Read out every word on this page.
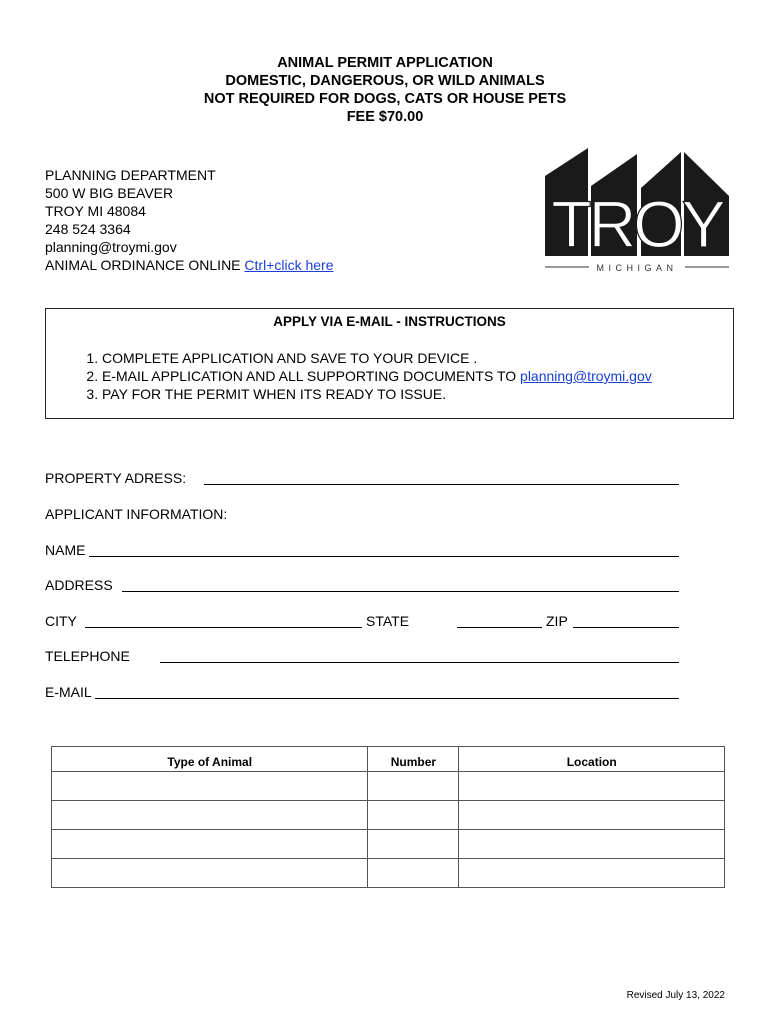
ANIMAL PERMIT APPLICATION
DOMESTIC, DANGEROUS, OR WILD ANIMALS
NOT REQUIRED FOR DOGS, CATS OR HOUSE PETS
FEE $70.00
PLANNING DEPARTMENT
500 W BIG BEAVER
TROY MI 48084
248 524 3364
planning@troymi.gov
ANIMAL ORDINANCE ONLINE Ctrl+click here
TROY
MICHIGAN
APPLY VIA E-MAIL - INSTRUCTIONS
1. COMPLETE APPLICATION AND SAVE TO YOUR DEVICE .
2. E-MAIL APPLICATION AND ALL SUPPORTING DOCUMENTS TO planning@troymi.gov
3. PAY FOR THE PERMIT WHEN ITS READY TO ISSUE.
PROPERTY ADRESS:
APPLICANT INFORMATION:
NAME
ADDRESS
CITY	STATE	ZIP
TELEPHONE
E-MAIL
Type of Animal	Number	Location

Revised July 13, 2022
